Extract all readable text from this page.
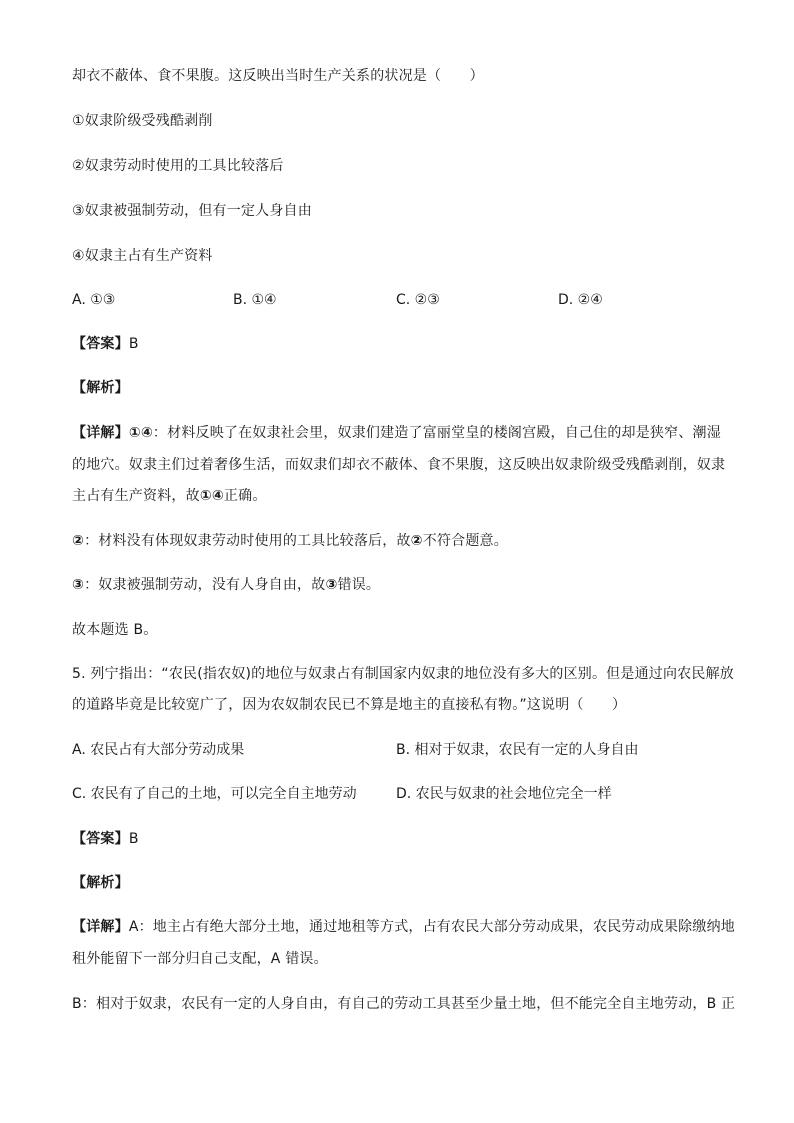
却衣不蔽体、食不果腹。这反映出当时生产关系的状况是（　　）
①奴隶阶级受残酷剥削
②奴隶劳动时使用的工具比较落后
③奴隶被强制劳动，但有一定人身自由
④奴隶主占有生产资料
A. ①③	B. ①④	C. ②③	D. ②④
【答案】B
【解析】
【详解】①④：材料反映了在奴隶社会里，奴隶们建造了富丽堂皇的楼阁宫殿，自己住的却是狭窄、潮湿
的地穴。奴隶主们过着奢侈生活，而奴隶们却衣不蔽体、食不果腹，这反映出奴隶阶级受残酷剥削，奴隶
主占有生产资料，故①④正确。
②：材料没有体现奴隶劳动时使用的工具比较落后，故②不符合题意。
③：奴隶被强制劳动，没有人身自由，故③错误。
故本题选 B。
5. 列宁指出：“农民(指农奴)的地位与奴隶占有制国家内奴隶的地位没有多大的区别。但是通过向农民解放
的道路毕竟是比较宽广了，因为农奴制农民已不算是地主的直接私有物。”这说明（　　）
A. 农民占有大部分劳动成果	B. 相对于奴隶，农民有一定的人身自由
C. 农民有了自己的土地，可以完全自主地劳动	D. 农民与奴隶的社会地位完全一样
【答案】B
【解析】
【详解】A：地主占有绝大部分土地，通过地租等方式，占有农民大部分劳动成果，农民劳动成果除缴纳地
租外能留下一部分归自己支配，A 错误。
B：相对于奴隶，农民有一定的人身自由，有自己的劳动工具甚至少量土地，但不能完全自主地劳动，B 正
